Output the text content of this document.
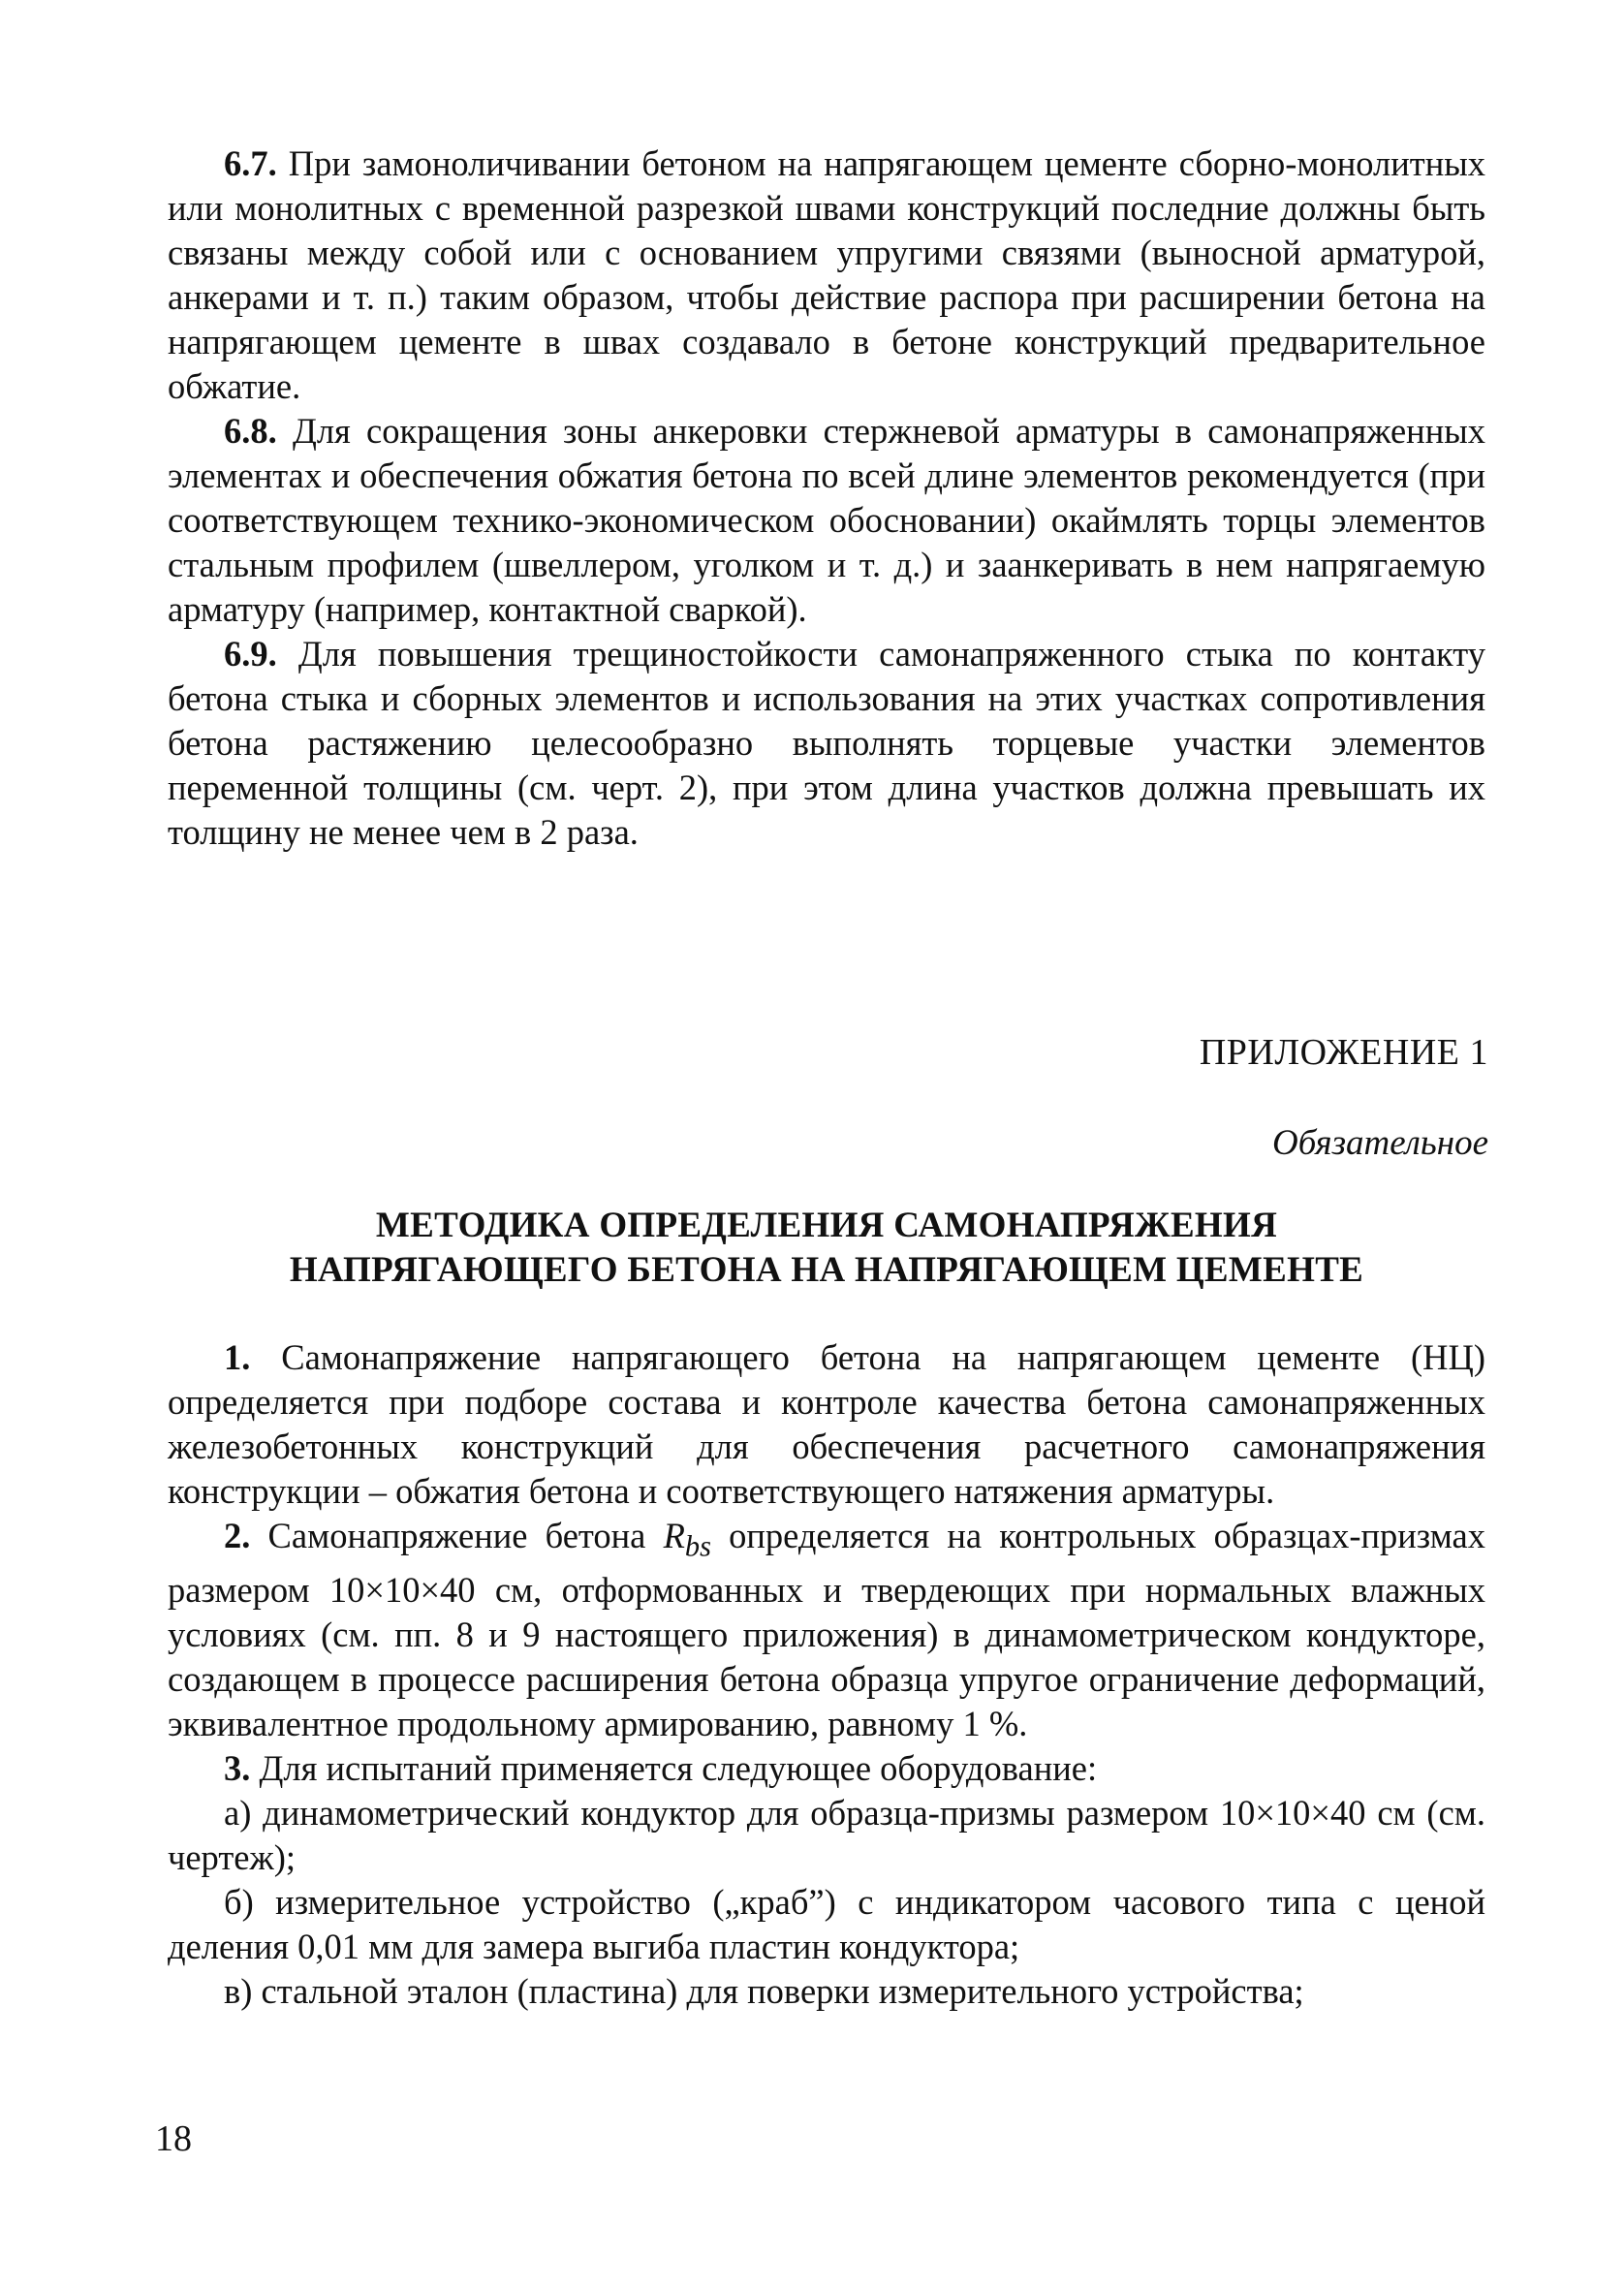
6.7. При замоноличивании бетоном на напрягающем цементе сборно-монолитных или монолитных с временной разрезкой швами конструкций последние должны быть связаны между собой или с основанием упругими связями (выносной арматурой, анкерами и т. п.) таким образом, чтобы действие распора при расширении бетона на напрягающем цементе в швах создавало в бетоне конструкций предварительное обжатие.

6.8. Для сокращения зоны анкеровки стержневой арматуры в самонапряженных элементах и обеспечения обжатия бетона по всей длине элементов рекомендуется (при соответствующем технико-экономическом обосновании) окаймлять торцы элементов стальным профилем (швеллером, уголком и т. д.) и заанкеривать в нем напрягаемую арматуру (например, контактной сваркой).

6.9. Для повышения трещиностойкости самонапряженного стыка по контакту бетона стыка и сборных элементов и использования на этих участках сопротивления бетона растяжению целесообразно выполнять торцевые участки элементов переменной толщины (см. черт. 2), при этом длина участков должна превышать их толщину не менее чем в 2 раза.

ПРИЛОЖЕНИЕ 1
Обязательное
МЕТОДИКА ОПРЕДЕЛЕНИЯ САМОНАПРЯЖЕНИЯ
НАПРЯГАЮЩЕГО БЕТОНА НА НАПРЯГАЮЩЕМ ЦЕМЕНТЕ

1. Самонапряжение напрягающего бетона на напрягающем цементе (НЦ) определяется при подборе состава и контроле качества бетона самонапряженных железобетонных конструкций для обеспечения расчетного самонапряжения конструкции – обжатия бетона и соответствующего натяжения арматуры.

2. Самонапряжение бетона $R_{bs}$ определяется на контрольных образцах-призмах размером 10×10×40 см, отформованных и твердеющих при нормальных влажных условиях (см. пп. 8 и 9 настоящего приложения) в динамометрическом кондукторе, создающем в процессе расширения бетона образца упругое ограничение деформаций, эквивалентное продольному армированию, равному 1 %.

3. Для испытаний применяется следующее оборудование:

а) динамометрический кондуктор для образца-призмы размером 10×10×40 см (см. чертеж);

б) измерительное устройство („краб”) с индикатором часового типа с ценой деления 0,01 мм для замера выгиба пластин кондуктора;

в) стальной эталон (пластина) для поверки измерительного устройства;

18
